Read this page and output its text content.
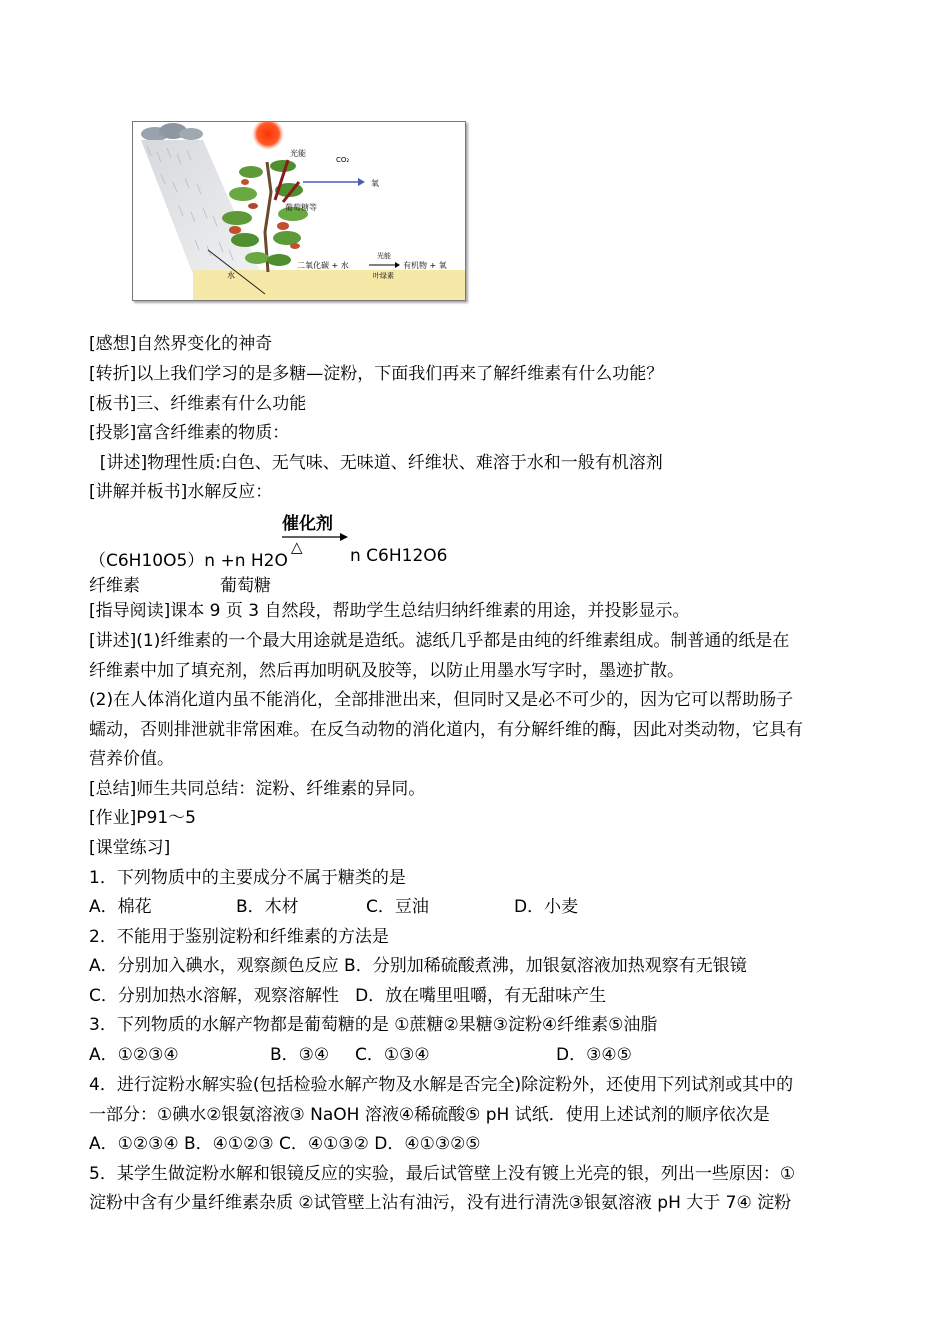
光能
CO₂
氧
葡萄糖等
水
二氧化碳 + 水
光能
有机物 + 氧
叶绿素
[感想]自然界变化的神奇
[转折]以上我们学习的是多糖—淀粉，下面我们再来了解纤维素有什么功能？
[板书]三、纤维素有什么功能
[投影]富含纤维素的物质：
[讲述]物理性质:白色、无气味、无味道、纤维状、难溶于水和一般有机溶剂
[讲解并板书]水解反应：
催化剂
△
（C6H10O5）n +n H2O	n C6H12O6
纤维素	葡萄糖
[指导阅读]课本 9 页 3 自然段，帮助学生总结归纳纤维素的用途，并投影显示。
[讲述](1)纤维素的一个最大用途就是造纸。滤纸几乎都是由纯的纤维素组成。制普通的纸是在
纤维素中加了填充剂，然后再加明矾及胶等，以防止用墨水写字时，墨迹扩散。
(2)在人体消化道内虽不能消化，全部排泄出来，但同时又是必不可少的，因为它可以帮助肠子
蠕动，否则排泄就非常困难。在反刍动物的消化道内，有分解纤维的酶，因此对类动物，它具有
营养价值。
[总结]师生共同总结：淀粉、纤维素的异同。
[作业]P91～5
[课堂练习]
1．下列物质中的主要成分不属于糖类的是
A．棉花	B．木材	C．豆油	D．小麦
2．不能用于鉴别淀粉和纤维素的方法是
A．分别加入碘水，观察颜色反应 B．分别加稀硫酸煮沸，加银氨溶液加热观察有无银镜
C．分别加热水溶解，观察溶解性   D．放在嘴里咀嚼，有无甜味产生
3．下列物质的水解产物都是葡萄糖的是 ①蔗糖②果糖③淀粉④纤维素⑤油脂
A．①②③④	B．③④ C．①③④	D．③④⑤
4．进行淀粉水解实验(包括检验水解产物及水解是否完全)除淀粉外，还使用下列试剂或其中的
一部分：①碘水②银氨溶液③ NaOH 溶液④稀硫酸⑤ pH 试纸．使用上述试剂的顺序依次是
A．①②③④ B．④①②③ C．④①③② D．④①③②⑤
5．某学生做淀粉水解和银镜反应的实验，最后试管壁上没有镀上光亮的银，列出一些原因：①
淀粉中含有少量纤维素杂质 ②试管壁上沾有油污，没有进行清洗③银氨溶液 pH 大于 7④ 淀粉
